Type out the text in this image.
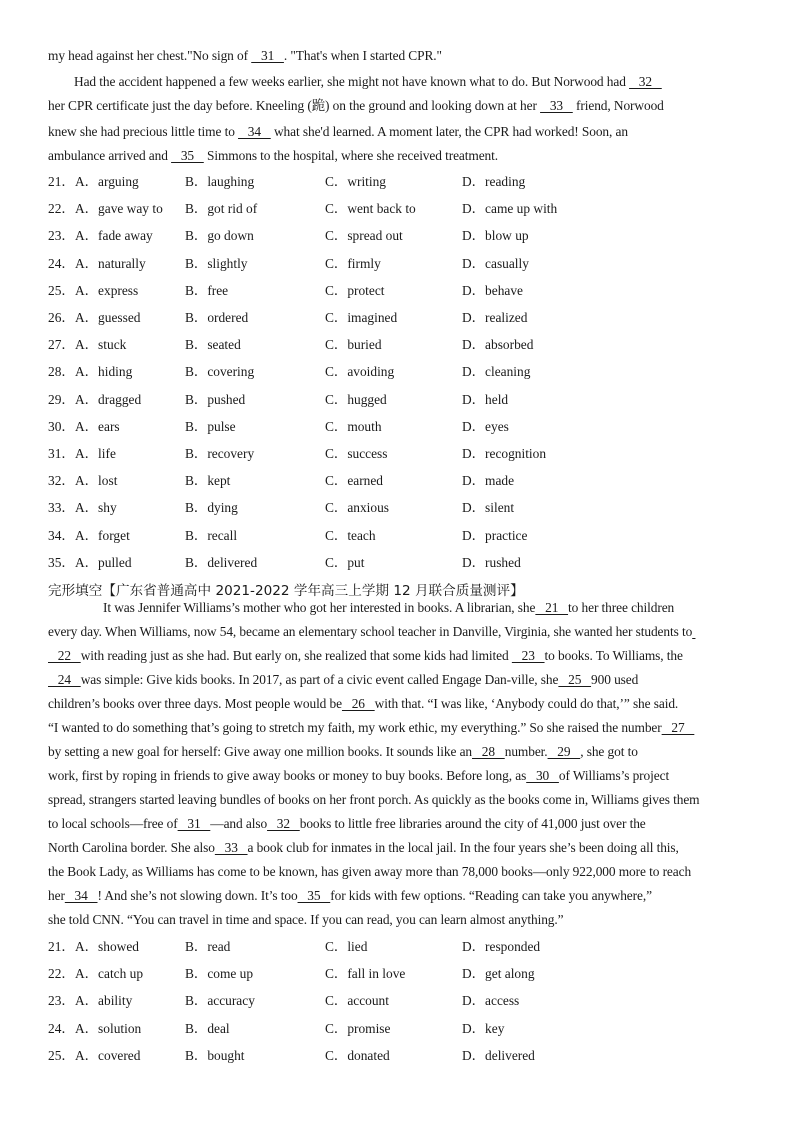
my head against her chest."No sign of    31   . "That's when I started CPR."
Had the accident happened a few weeks earlier, she might not have known what to do. But Norwood had    32
her CPR certificate just the day before. Kneeling (跪) on the ground and looking down at her    33    friend, Norwood
knew she had precious little time to    34    what she'd learned. A moment later, the CPR had worked! Soon, an
ambulance arrived and    35    Simmons to the hospital, where she received treatment.
21． A．arguing	B．laughing	C．writing	D．reading
22． A．gave way to B．got rid of	C．went back to	D．came up with
23． A．fade away B．go down	C．spread out	D．blow up
24． A．naturally	B．slightly	C．firmly	D．casually
25． A．express	B．free	C．protect	D．behave
26． A．guessed	B．ordered	C．imagined	D．realized
27． A．stuck	B．seated	C．buried	D．absorbed
28． A．hiding	B．covering	C．avoiding	D．cleaning
29． A．dragged	B．pushed	C．hugged	D．held
30． A．ears	B．pulse	C．mouth	D．eyes
31． A．life	B．recovery	C．success	D．recognition
32． A．lost	B．kept	C．earned	D．made
33． A．shy	B．dying	C．anxious	D．silent
34． A．forget	B．recall	C．teach	D．practice
35． A．pulled	B．delivered	C．put	D．rushed
完形填空【广东省普通高中 2021-2022 学年高三上学期 12 月联合质量测评】
It was Jennifer Williams’s mother who got her interested in books. A librarian, she   21   to her three children
every day. When Williams, now 54, became an elementary school teacher in Danville, Virginia, she wanted her students to
22   with reading just as she had. But early on, she realized that some kids had limited    23   to books. To Williams, the
24   was simple: Give kids books. In 2017, as part of a civic event called Engage Dan-ville, she   25   900 used
children’s books over three days. Most people would be   26   with that. “I was like, ‘Anybody could do that,’” she said.
“I wanted to do something that’s going to stretch my faith, my work ethic, my everything.” So she raised the number   27
by setting a new goal for herself: Give away one million books. It sounds like an   28   number.   29   , she got to
work, first by roping in friends to give away books or money to buy books. Before long, as   30   of Williams’s project
spread, strangers started leaving bundles of books on her front porch. As quickly as the books come in, Williams gives them
to local schools—free of   31   —and also   32   books to little free libraries around the city of 41,000 just over the
North Carolina border. She also   33   a book club for inmates in the local jail. In the four years she’s been doing all this,
the Book Lady, as Williams has come to be known, has given away more than 78,000 books—only 922,000 more to reach
her   34   ! And she’s not slowing down. It’s too   35   for kids with few options. “Reading can take you anywhere,”
she told CNN. “You can travel in time and space. If you can read, you can learn almost anything.”
21． A．showed	B．read	C．lied	D．responded
22． A．catch up	B．come up	C．fall in love	D．get along
23． A．ability	B．accuracy	C．account	D．access
24． A．solution	B．deal	C．promise	D．key
25． A．covered	B．bought	C．donated	D．delivered
